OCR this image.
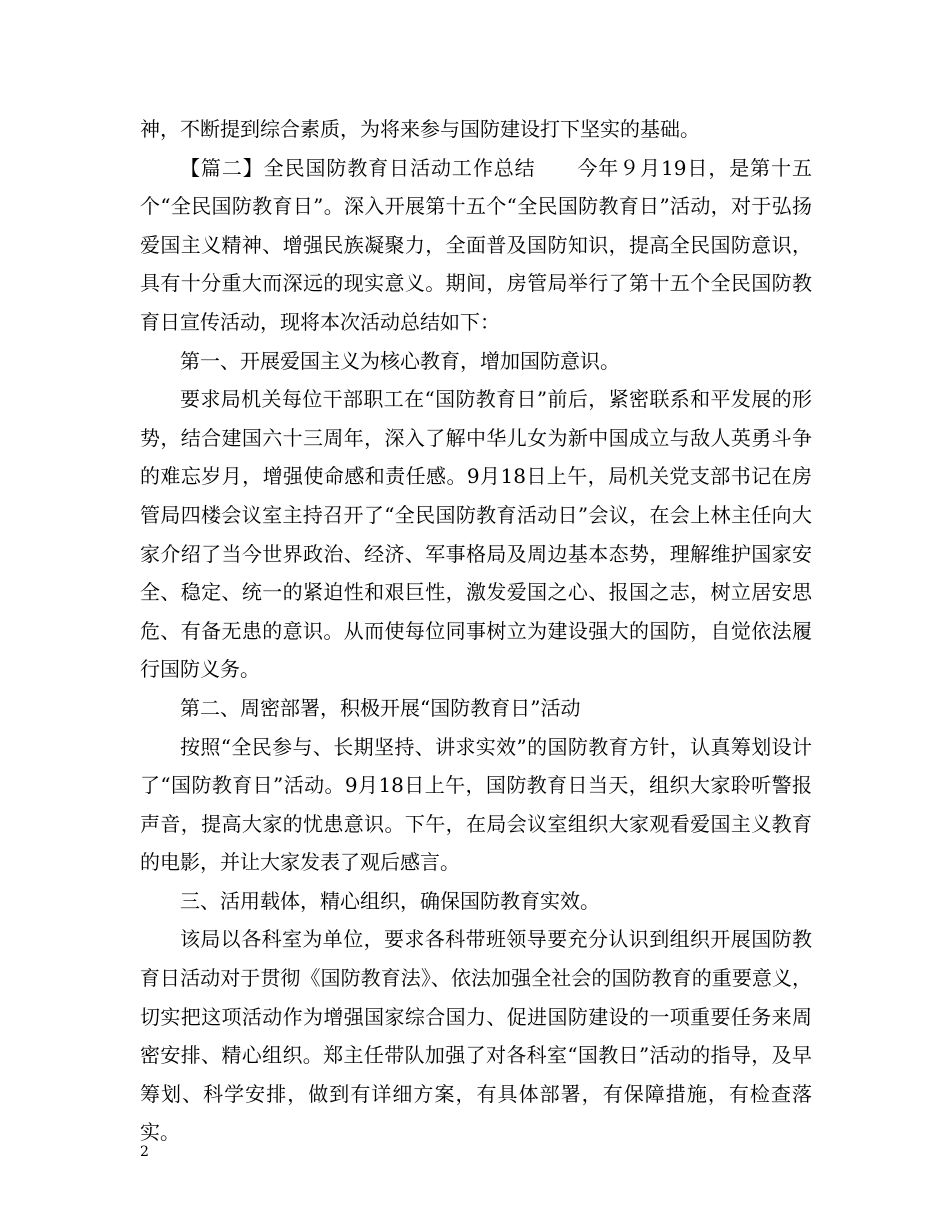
神，不断提到综合素质，为将来参与国防建设打下坚实的基础。

【篇二】全民国防教育日活动工作总结　　今年９月19日，是第十五个“全民国防教育日”。深入开展第十五个“全民国防教育日”活动，对于弘扬爱国主义精神、增强民族凝聚力，全面普及国防知识，提高全民国防意识，具有十分重大而深远的现实意义。期间，房管局举行了第十五个全民国防教育日宣传活动，现将本次活动总结如下：

第一、开展爱国主义为核心教育，增加国防意识。

要求局机关每位干部职工在“国防教育日”前后，紧密联系和平发展的形势，结合建国六十三周年，深入了解中华儿女为新中国成立与敌人英勇斗争的难忘岁月，增强使命感和责任感。9月18日上午，局机关党支部书记在房管局四楼会议室主持召开了“全民国防教育活动日”会议，在会上林主任向大家介绍了当今世界政治、经济、军事格局及周边基本态势，理解维护国家安全、稳定、统一的紧迫性和艰巨性，激发爱国之心、报国之志，树立居安思危、有备无患的意识。从而使每位同事树立为建设强大的国防，自觉依法履行国防义务。

第二、周密部署，积极开展“国防教育日”活动

按照“全民参与、长期坚持、讲求实效”的国防教育方针，认真筹划设计了“国防教育日”活动。9月18日上午，国防教育日当天，组织大家聆听警报声音，提高大家的忧患意识。下午，在局会议室组织大家观看爱国主义教育的电影，并让大家发表了观后感言。

三、活用载体，精心组织，确保国防教育实效。

该局以各科室为单位，要求各科带班领导要充分认识到组织开展国防教育日活动对于贯彻《国防教育法》、依法加强全社会的国防教育的重要意义，切实把这项活动作为增强国家综合国力、促进国防建设的一项重要任务来周密安排、精心组织。郑主任带队加强了对各科室“国教日”活动的指导，及早筹划、科学安排，做到有详细方案，有具体部署，有保障措施，有检查落实。

2
